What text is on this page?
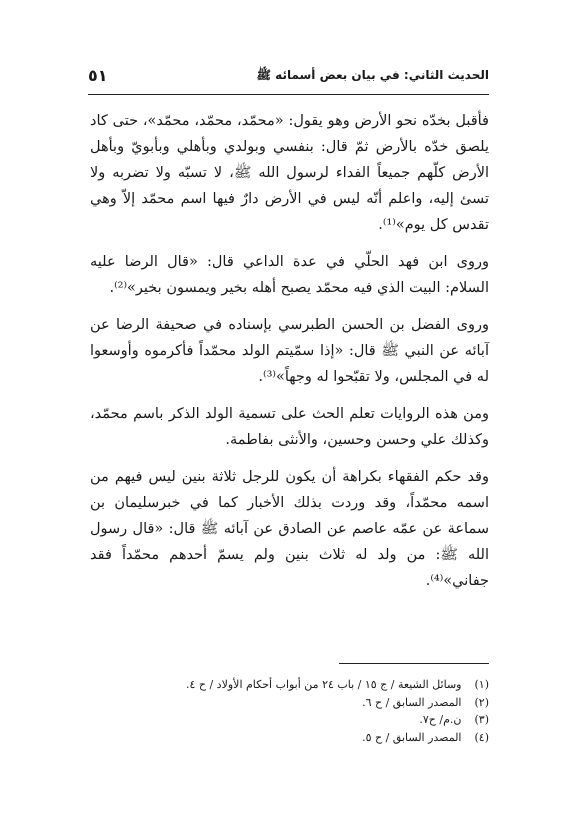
الحديث الثاني: في بيان بعض أسمائه ﷺ
٥١

فأقبل بخدّه نحو الأرض وهو يقول: «محمّد، محمّد، محمّد»، حتى كاد يلصق خدّه بالأرض ثمّ قال: بنفسي وبولدي وبأهلي وبأبويّ وبأهل الأرض كلّهم جميعاً الفداء لرسول الله ﷺ، لا تسبّه ولا تضربه ولا تسئ إليه، واعلم أنّه ليس في الأرض دارٌ فيها اسم محمّد إلاّ وهي تقدس كل يوم»⁽¹⁾.

وروى ابن فهد الحلّي في عدة الداعي قال: «قال الرضا عليه السلام: البيت الذي فيه محمّد يصبح أهله بخير ويمسون بخير»⁽²⁾.

وروى الفضل بن الحسن الطبرسي بإسناده في صحيفة الرضا عن آبائه عن النبي ﷺ قال: «إذا سمّيتم الولد محمّداً فأكرموه وأوسعوا له في المجلس، ولا تقبّحوا له وجهاً»⁽³⁾.

ومن هذه الروايات تعلم الحث على تسمية الولد الذكر باسم محمّد، وكذلك علي وحسن وحسين، والأنثى بفاطمة.

وقد حكم الفقهاء بكراهة أن يكون للرجل ثلاثة بنين ليس فيهم من اسمه محمّداً، وقد وردت بذلك الأخبار كما في خبرسليمان بن سماعة عن عمّه عاصم عن الصادق عن آبائه ﷺ قال: «قال رسول الله ﷺ: من ولد له ثلاث بنين ولم يسمّ أحدهم محمّداً فقد جفاني»⁽⁴⁾.

(١) وسائل الشيعة / ج ١٥ / باب ٢٤ من أبواب أحكام الأولاد / ح ٤.

(٢) المصدر السابق / ح ٦.

(٣) ن.م/ ح٧.

(٤) المصدر السابق / ح ٥.
